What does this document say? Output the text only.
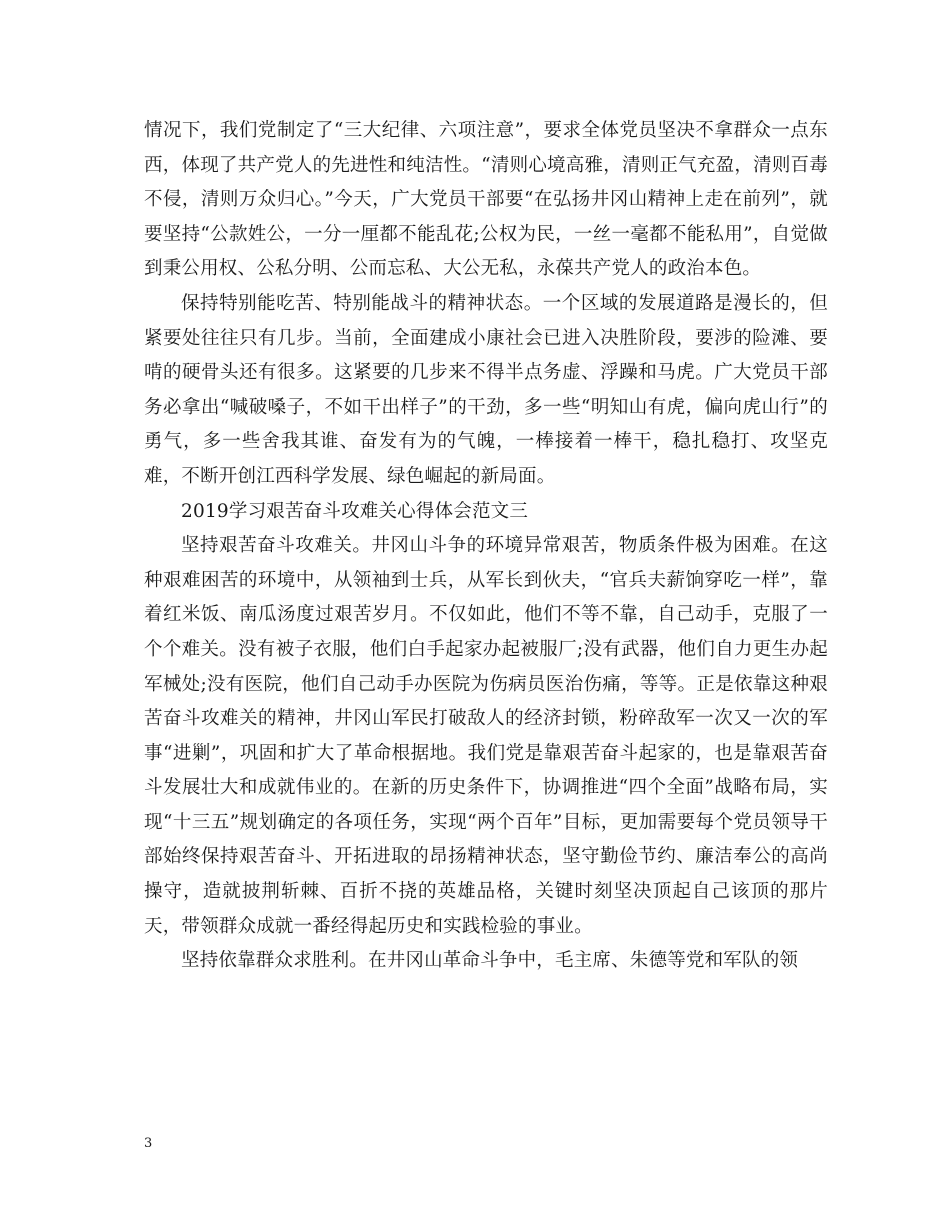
情况下，我们党制定了“三大纪律、六项注意”，要求全体党员坚决不拿群众一点东西，体现了共产党人的先进性和纯洁性。“清则心境高雅，清则正气充盈，清则百毒不侵，清则万众归心。”今天，广大党员干部要“在弘扬井冈山精神上走在前列”，就要坚持“公款姓公，一分一厘都不能乱花;公权为民，一丝一毫都不能私用”，自觉做到秉公用权、公私分明、公而忘私、大公无私，永葆共产党人的政治本色。

保持特别能吃苦、特别能战斗的精神状态。一个区域的发展道路是漫长的，但紧要处往往只有几步。当前，全面建成小康社会已进入决胜阶段，要涉的险滩、要啃的硬骨头还有很多。这紧要的几步来不得半点务虚、浮躁和马虎。广大党员干部务必拿出“喊破嗓子，不如干出样子”的干劲，多一些“明知山有虎，偏向虎山行”的勇气，多一些舍我其谁、奋发有为的气魄，一棒接着一棒干，稳扎稳打、攻坚克难，不断开创江西科学发展、绿色崛起的新局面。

2019学习艰苦奋斗攻难关心得体会范文三

坚持艰苦奋斗攻难关。井冈山斗争的环境异常艰苦，物质条件极为困难。在这种艰难困苦的环境中，从领袖到士兵，从军长到伙夫，“官兵夫薪饷穿吃一样”，靠着红米饭、南瓜汤度过艰苦岁月。不仅如此，他们不等不靠，自己动手，克服了一个个难关。没有被子衣服，他们白手起家办起被服厂;没有武器，他们自力更生办起军械处;没有医院，他们自己动手办医院为伤病员医治伤痛，等等。正是依靠这种艰苦奋斗攻难关的精神，井冈山军民打破敌人的经济封锁，粉碎敌军一次又一次的军事“进剿”，巩固和扩大了革命根据地。我们党是靠艰苦奋斗起家的，也是靠艰苦奋斗发展壮大和成就伟业的。在新的历史条件下，协调推进“四个全面”战略布局，实现“十三五”规划确定的各项任务，实现“两个百年”目标，更加需要每个党员领导干部始终保持艰苦奋斗、开拓进取的昂扬精神状态，坚守勤俭节约、廉洁奉公的高尚操守，造就披荆斩棘、百折不挠的英雄品格，关键时刻坚决顶起自己该顶的那片天，带领群众成就一番经得起历史和实践检验的事业。

坚持依靠群众求胜利。在井冈山革命斗争中，毛主席、朱德等党和军队的领

3
